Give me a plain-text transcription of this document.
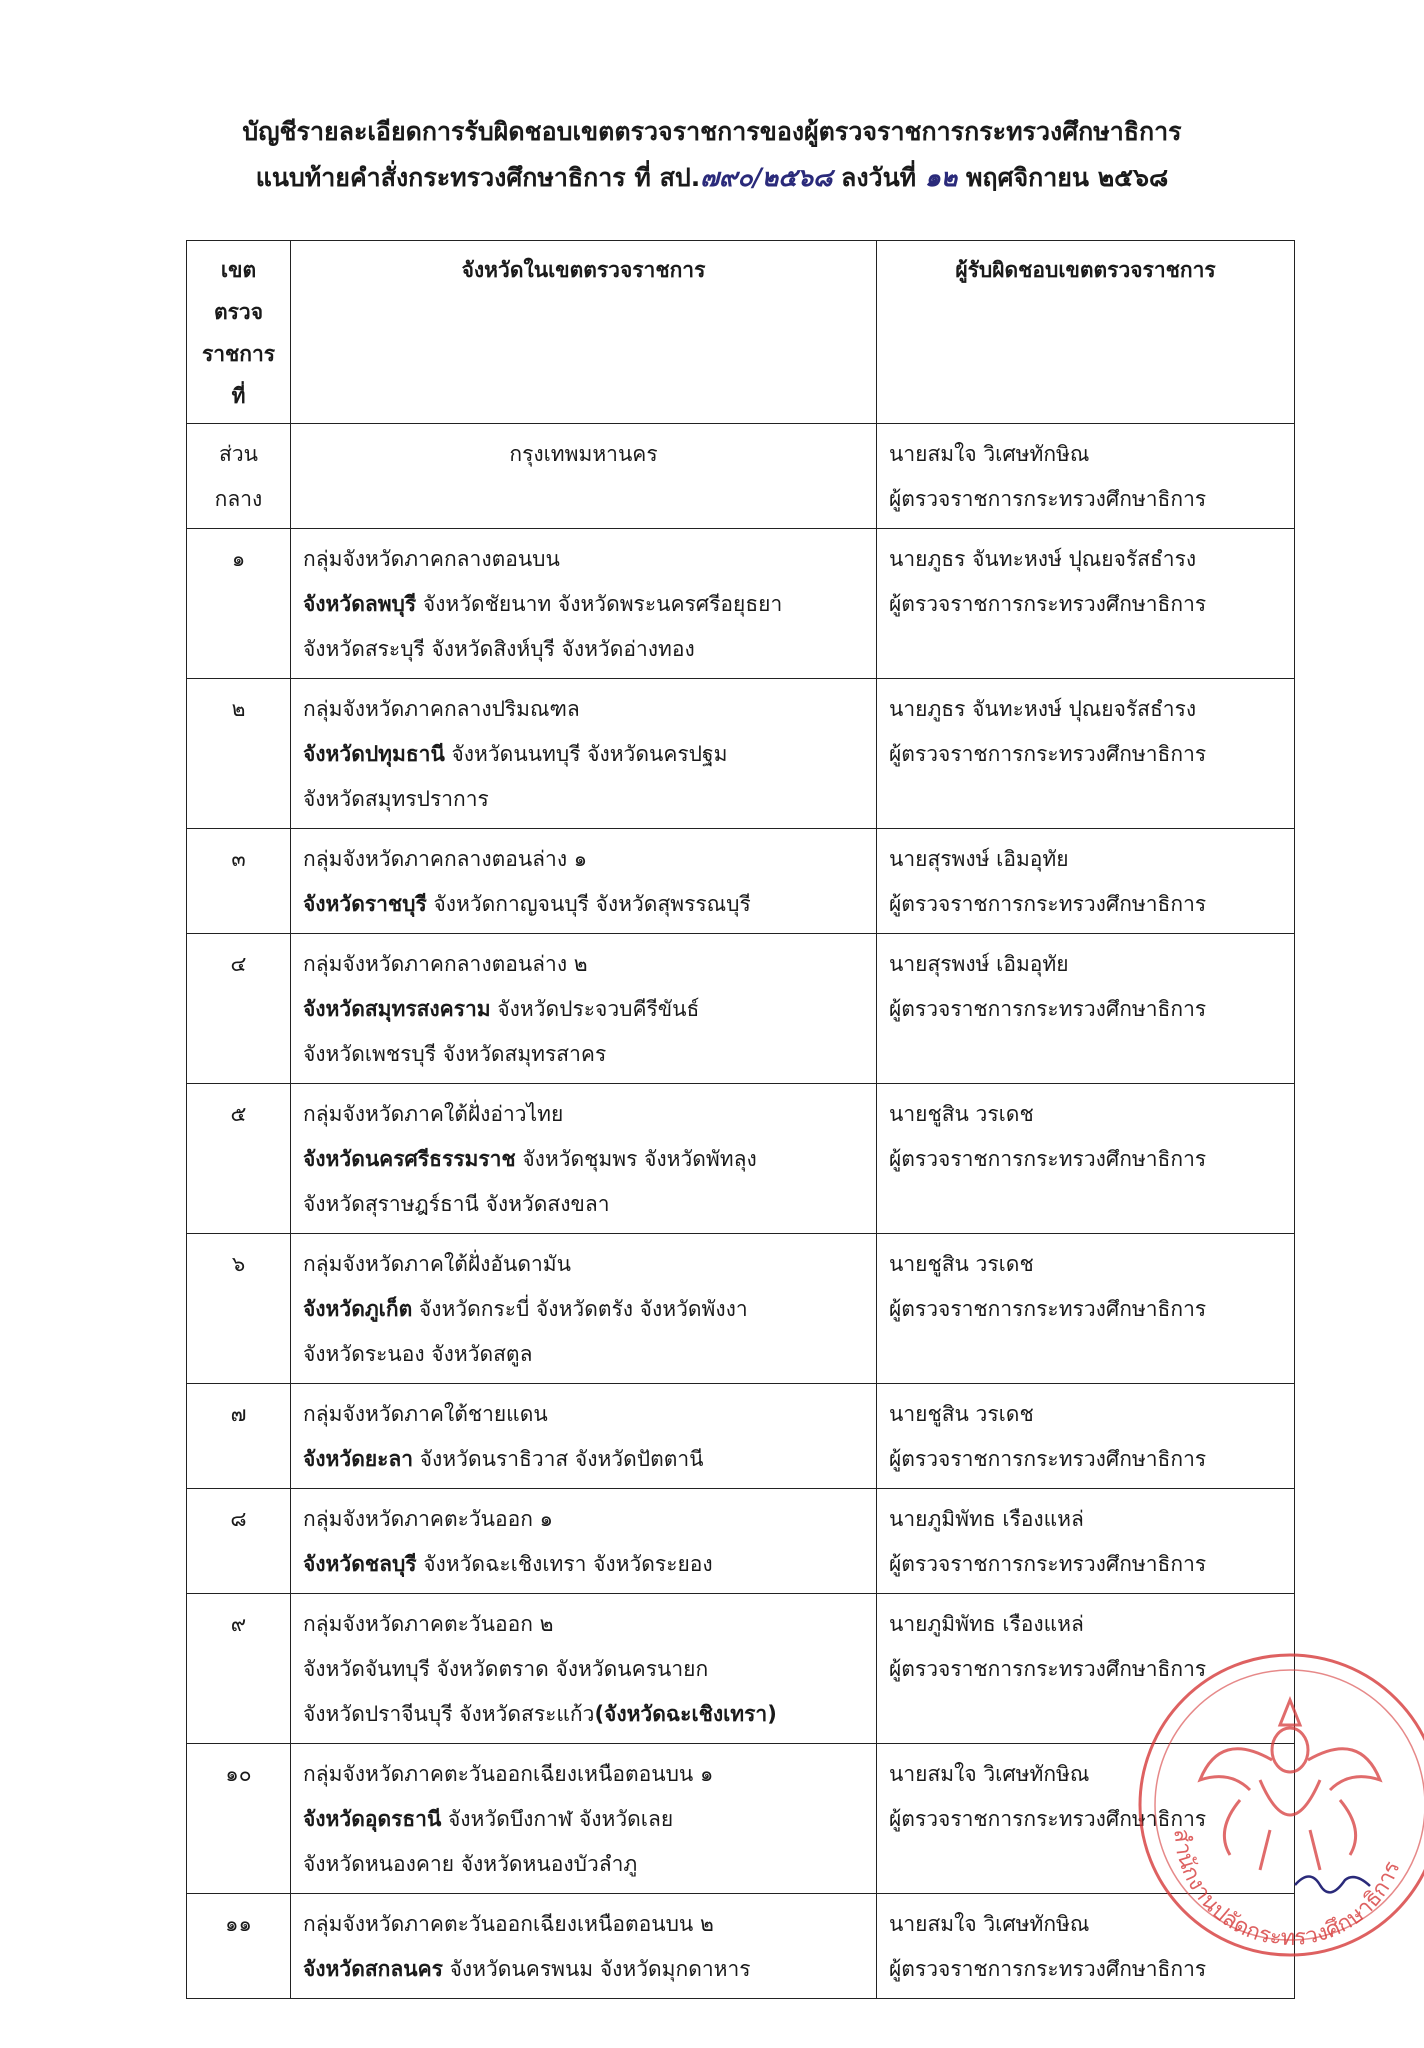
บัญชีรายละเอียดการรับผิดชอบเขตตรวจราชการของผู้ตรวจราชการกระทรวงศึกษาธิการ
แนบท้ายคำสั่งกระทรวงศึกษาธิการ ที่ สป.๗๙๐/๒๕๖๘ ลงวันที่ ๑๒ พฤศจิกายน ๒๕๖๘
เขตตรวจ
ราชการที่	จังหวัดในเขตตรวจราชการ	ผู้รับผิดชอบเขตตรวจราชการ
ส่วนกลาง	กรุงเทพมหานคร	นายสมใจ วิเศษทักษิณ
ผู้ตรวจราชการกระทรวงศึกษาธิการ

๑	กลุ่มจังหวัดภาคกลางตอนบน
จังหวัดลพบุรี จังหวัดชัยนาท จังหวัดพระนครศรีอยุธยา
จังหวัดสระบุรี จังหวัดสิงห์บุรี จังหวัดอ่างทอง	นายภูธร จันทะหงษ์ ปุณยจรัสธำรง
ผู้ตรวจราชการกระทรวงศึกษาธิการ

๒	กลุ่มจังหวัดภาคกลางปริมณฑล
จังหวัดปทุมธานี จังหวัดนนทบุรี จังหวัดนครปฐม
จังหวัดสมุทรปราการ	นายภูธร จันทะหงษ์ ปุณยจรัสธำรง
ผู้ตรวจราชการกระทรวงศึกษาธิการ

๓	กลุ่มจังหวัดภาคกลางตอนล่าง ๑
จังหวัดราชบุรี จังหวัดกาญจนบุรี จังหวัดสุพรรณบุรี	นายสุรพงษ์ เอิมอุทัย
ผู้ตรวจราชการกระทรวงศึกษาธิการ

๔	กลุ่มจังหวัดภาคกลางตอนล่าง ๒
จังหวัดสมุทรสงคราม จังหวัดประจวบคีรีขันธ์
จังหวัดเพชรบุรี จังหวัดสมุทรสาคร	นายสุรพงษ์ เอิมอุทัย
ผู้ตรวจราชการกระทรวงศึกษาธิการ

๕	กลุ่มจังหวัดภาคใต้ฝั่งอ่าวไทย
จังหวัดนครศรีธรรมราช จังหวัดชุมพร จังหวัดพัทลุง
จังหวัดสุราษฎร์ธานี จังหวัดสงขลา	นายชูสิน วรเดช
ผู้ตรวจราชการกระทรวงศึกษาธิการ

๖	กลุ่มจังหวัดภาคใต้ฝั่งอันดามัน
จังหวัดภูเก็ต จังหวัดกระบี่ จังหวัดตรัง จังหวัดพังงา
จังหวัดระนอง จังหวัดสตูล	นายชูสิน วรเดช
ผู้ตรวจราชการกระทรวงศึกษาธิการ

๗	กลุ่มจังหวัดภาคใต้ชายแดน
จังหวัดยะลา จังหวัดนราธิวาส จังหวัดปัตตานี	นายชูสิน วรเดช
ผู้ตรวจราชการกระทรวงศึกษาธิการ

๘	กลุ่มจังหวัดภาคตะวันออก ๑
จังหวัดชลบุรี จังหวัดฉะเชิงเทรา จังหวัดระยอง	นายภูมิพัทธ เรืองแหล่
ผู้ตรวจราชการกระทรวงศึกษาธิการ

๙	กลุ่มจังหวัดภาคตะวันออก ๒
จังหวัดจันทบุรี จังหวัดตราด จังหวัดนครนายก
จังหวัดปราจีนบุรี จังหวัดสระแก้ว(จังหวัดฉะเชิงเทรา)	นายภูมิพัทธ เรืองแหล่
ผู้ตรวจราชการกระทรวงศึกษาธิการ

๑๐	กลุ่มจังหวัดภาคตะวันออกเฉียงเหนือตอนบน ๑
จังหวัดอุดรธานี จังหวัดบึงกาฬ จังหวัดเลย
จังหวัดหนองคาย จังหวัดหนองบัวลำภู	นายสมใจ วิเศษทักษิณ
ผู้ตรวจราชการกระทรวงศึกษาธิการ

๑๑	กลุ่มจังหวัดภาคตะวันออกเฉียงเหนือตอนบน ๒
จังหวัดสกลนคร จังหวัดนครพนม จังหวัดมุกดาหาร	นายสมใจ วิเศษทักษิณ
ผู้ตรวจราชการกระทรวงศึกษาธิการ
สำนักงานปลัดกระทรวงศึกษาธิการ
